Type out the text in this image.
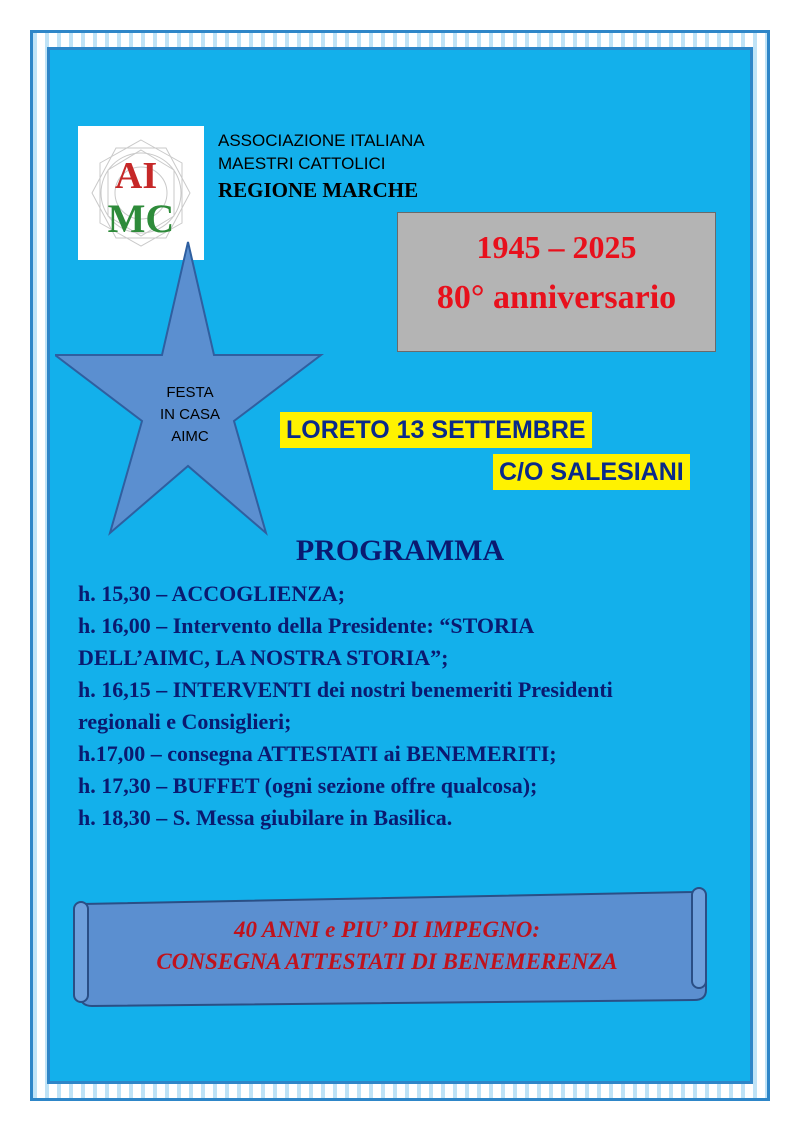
AI
MC
ASSOCIAZIONE ITALIANA
MAESTRI CATTOLICI
REGIONE MARCHE
1945 – 2025
80° anniversario
FESTA
IN CASA
AIMC	LORETO 13 SETTEMBRE
C/O SALESIANI
PROGRAMMA
h. 15,30 – ACCOGLIENZA;
h. 16,00 – Intervento della Presidente: “STORIA
DELL’AIMC, LA NOSTRA STORIA”;
h. 16,15 – INTERVENTI dei nostri benemeriti Presidenti
regionali e Consiglieri;
h.17,00 – consegna ATTESTATI ai BENEMERITI;
h. 17,30 – BUFFET (ogni sezione offre qualcosa);
h. 18,30 – S. Messa giubilare in Basilica.
40 ANNI e PIU’ DI IMPEGNO:
CONSEGNA ATTESTATI DI BENEMERENZA
